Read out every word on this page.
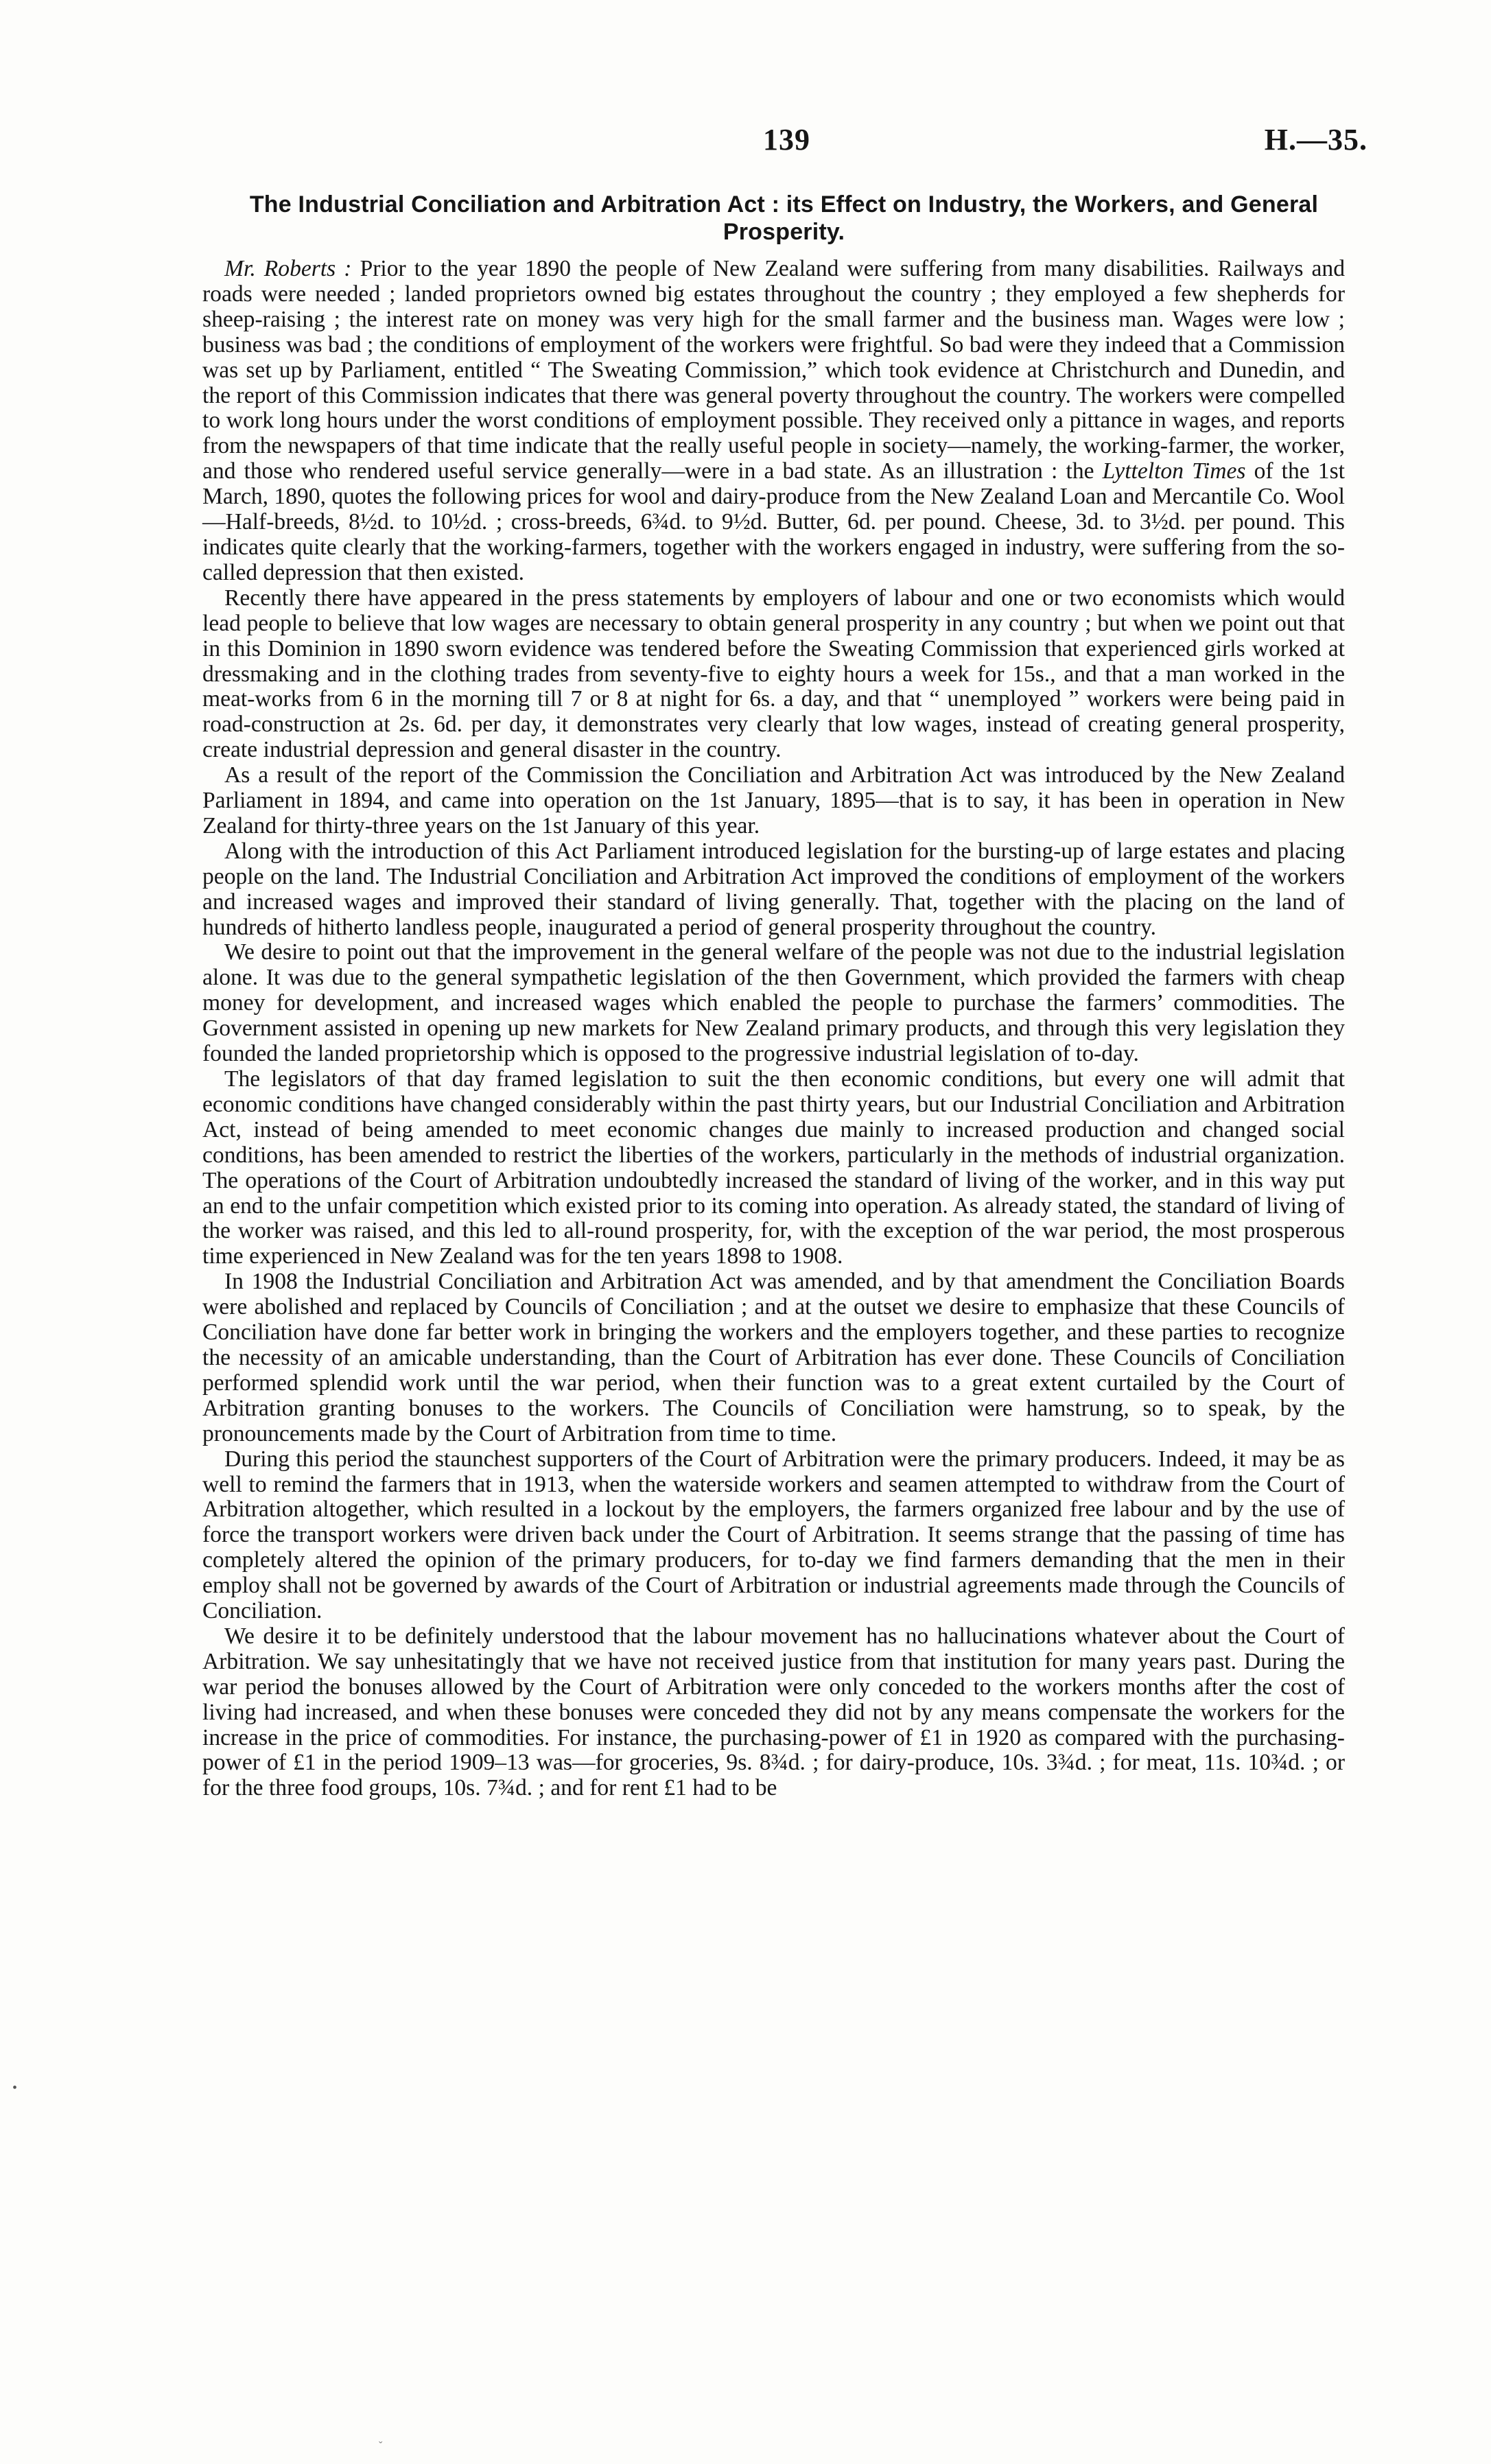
139	H.—35.
The Industrial Conciliation and Arbitration Act : its Effect on Industry, the Workers, and General Prosperity.

Mr. Roberts : Prior to the year 1890 the people of New Zealand were suffering from many disabilities. Railways and roads were needed ; landed proprietors owned big estates throughout the country ; they employed a few shepherds for sheep-raising ; the interest rate on money was very high for the small farmer and the business man. Wages were low ; business was bad ; the conditions of employment of the workers were frightful. So bad were they indeed that a Commission was set up by Parliament, entitled “ The Sweating Commission,” which took evidence at Christchurch and Dunedin, and the report of this Commission indicates that there was general poverty throughout the country. The workers were compelled to work long hours under the worst conditions of employment possible. They received only a pittance in wages, and reports from the newspapers of that time indicate that the really useful people in society—namely, the working-farmer, the worker, and those who rendered useful service generally—were in a bad state. As an illustration : the Lyttelton Times of the 1st March, 1890, quotes the following prices for wool and dairy-produce from the New Zealand Loan and Mercantile Co. Wool—Half-breeds, 8½d. to 10½d. ; cross-breeds, 6¾d. to 9½d. Butter, 6d. per pound. Cheese, 3d. to 3½d. per pound. This indicates quite clearly that the working-farmers, together with the workers engaged in industry, were suffering from the so-called depression that then existed.

Recently there have appeared in the press statements by employers of labour and one or two economists which would lead people to believe that low wages are necessary to obtain general prosperity in any country ; but when we point out that in this Dominion in 1890 sworn evidence was tendered before the Sweating Commission that experienced girls worked at dressmaking and in the clothing trades from seventy-five to eighty hours a week for 15s., and that a man worked in the meat-works from 6 in the morning till 7 or 8 at night for 6s. a day, and that “ unemployed ” workers were being paid in road-construction at 2s. 6d. per day, it demonstrates very clearly that low wages, instead of creating general prosperity, create industrial depression and general disaster in the country.

As a result of the report of the Commission the Conciliation and Arbitration Act was introduced by the New Zealand Parliament in 1894, and came into operation on the 1st January, 1895—that is to say, it has been in operation in New Zealand for thirty-three years on the 1st January of this year.

Along with the introduction of this Act Parliament introduced legislation for the bursting-up of large estates and placing people on the land. The Industrial Conciliation and Arbitration Act improved the conditions of employment of the workers and increased wages and improved their standard of living generally. That, together with the placing on the land of hundreds of hitherto landless people, inaugurated a period of general prosperity throughout the country.

We desire to point out that the improvement in the general welfare of the people was not due to the industrial legislation alone. It was due to the general sympathetic legislation of the then Government, which provided the farmers with cheap money for development, and increased wages which enabled the people to purchase the farmers’ commodities. The Government assisted in opening up new markets for New Zealand primary products, and through this very legislation they founded the landed proprietorship which is opposed to the progressive industrial legislation of to-day.

The legislators of that day framed legislation to suit the then economic conditions, but every one will admit that economic conditions have changed considerably within the past thirty years, but our Industrial Conciliation and Arbitration Act, instead of being amended to meet economic changes due mainly to increased production and changed social conditions, has been amended to restrict the liberties of the workers, particularly in the methods of industrial organization. The operations of the Court of Arbitration undoubtedly increased the standard of living of the worker, and in this way put an end to the unfair competition which existed prior to its coming into operation. As already stated, the standard of living of the worker was raised, and this led to all-round prosperity, for, with the exception of the war period, the most prosperous time experienced in New Zealand was for the ten years 1898 to 1908.

In 1908 the Industrial Conciliation and Arbitration Act was amended, and by that amendment the Conciliation Boards were abolished and replaced by Councils of Conciliation ; and at the outset we desire to emphasize that these Councils of Conciliation have done far better work in bringing the workers and the employers together, and these parties to recognize the necessity of an amicable understanding, than the Court of Arbitration has ever done. These Councils of Conciliation performed splendid work until the war period, when their function was to a great extent curtailed by the Court of Arbitration granting bonuses to the workers. The Councils of Conciliation were hamstrung, so to speak, by the pronouncements made by the Court of Arbitration from time to time.

During this period the staunchest supporters of the Court of Arbitration were the primary producers. Indeed, it may be as well to remind the farmers that in 1913, when the waterside workers and seamen attempted to withdraw from the Court of Arbitration altogether, which resulted in a lockout by the employers, the farmers organized free labour and by the use of force the transport workers were driven back under the Court of Arbitration. It seems strange that the passing of time has completely altered the opinion of the primary producers, for to-day we find farmers demanding that the men in their employ shall not be governed by awards of the Court of Arbitration or industrial agreements made through the Councils of Conciliation.

We desire it to be definitely understood that the labour movement has no hallucinations whatever about the Court of Arbitration. We say unhesitatingly that we have not received justice from that institution for many years past. During the war period the bonuses allowed by the Court of Arbitration were only conceded to the workers months after the cost of living had increased, and when these bonuses were conceded they did not by any means compensate the workers for the increase in the price of commodities. For instance, the purchasing-power of £1 in 1920 as compared with the purchasing-power of £1 in the period 1909–13 was—for groceries, 9s. 8¾d. ; for dairy-produce, 10s. 3¾d. ; for meat, 11s. 10¾d. ; or for the three food groups, 10s. 7¾d. ; and for rent £1 had to be

•
ˇ
